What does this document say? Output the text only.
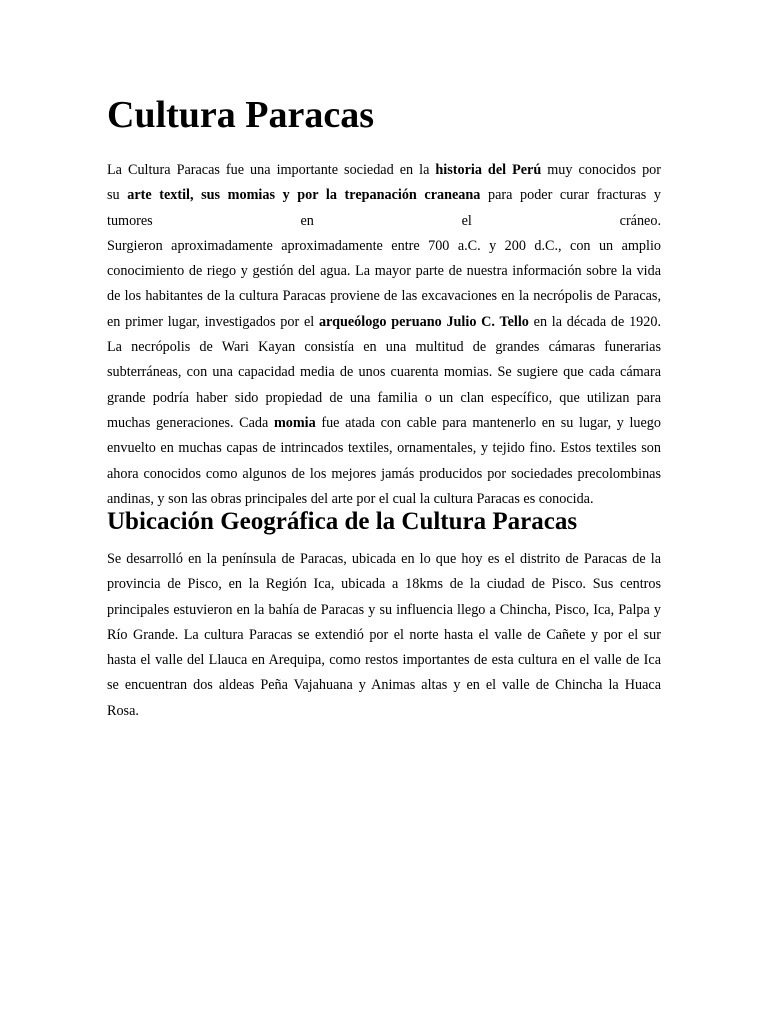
Cultura Paracas
La Cultura Paracas fue una importante sociedad en la historia del Perú muy conocidos por
su arte textil, sus momias y por la trepanación craneana para poder curar fracturas y
tumores en el cráneo.
Surgieron aproximadamente aproximadamente entre 700 a.C. y 200 d.C., con un amplio
conocimiento de riego y gestión del agua. La mayor parte de nuestra información sobre la vida
de los habitantes de la cultura Paracas proviene de las excavaciones en la necrópolis de Paracas,
en primer lugar, investigados por el arqueólogo peruano Julio C. Tello en la década de 1920.
La necrópolis de Wari Kayan consistía en una multitud de grandes cámaras funerarias
subterráneas, con una capacidad media de unos cuarenta momias. Se sugiere que cada cámara
grande podría haber sido propiedad de una familia o un clan específico, que utilizan para
muchas generaciones. Cada momia fue atada con cable para mantenerlo en su lugar, y luego
envuelto en muchas capas de intrincados textiles, ornamentales, y tejido fino. Estos textiles son
ahora conocidos como algunos de los mejores jamás producidos por sociedades precolombinas
andinas, y son las obras principales del arte por el cual la cultura Paracas es conocida.
Ubicación Geográfica de la Cultura Paracas
Se desarrolló en la península de Paracas, ubicada en lo que hoy es el distrito de Paracas de la
provincia de Pisco, en la Región Ica, ubicada a 18kms de la ciudad de Pisco. Sus centros
principales estuvieron en la bahía de Paracas y su influencia llego a Chincha, Pisco, Ica, Palpa y
Río Grande. La cultura Paracas se extendió por el norte hasta el valle de Cañete y por el sur
hasta el valle del Llauca en Arequipa, como restos importantes de esta cultura en el valle de Ica
se encuentran dos aldeas Peña Vajahuana y Animas altas y en el valle de Chincha la Huaca
Rosa.
